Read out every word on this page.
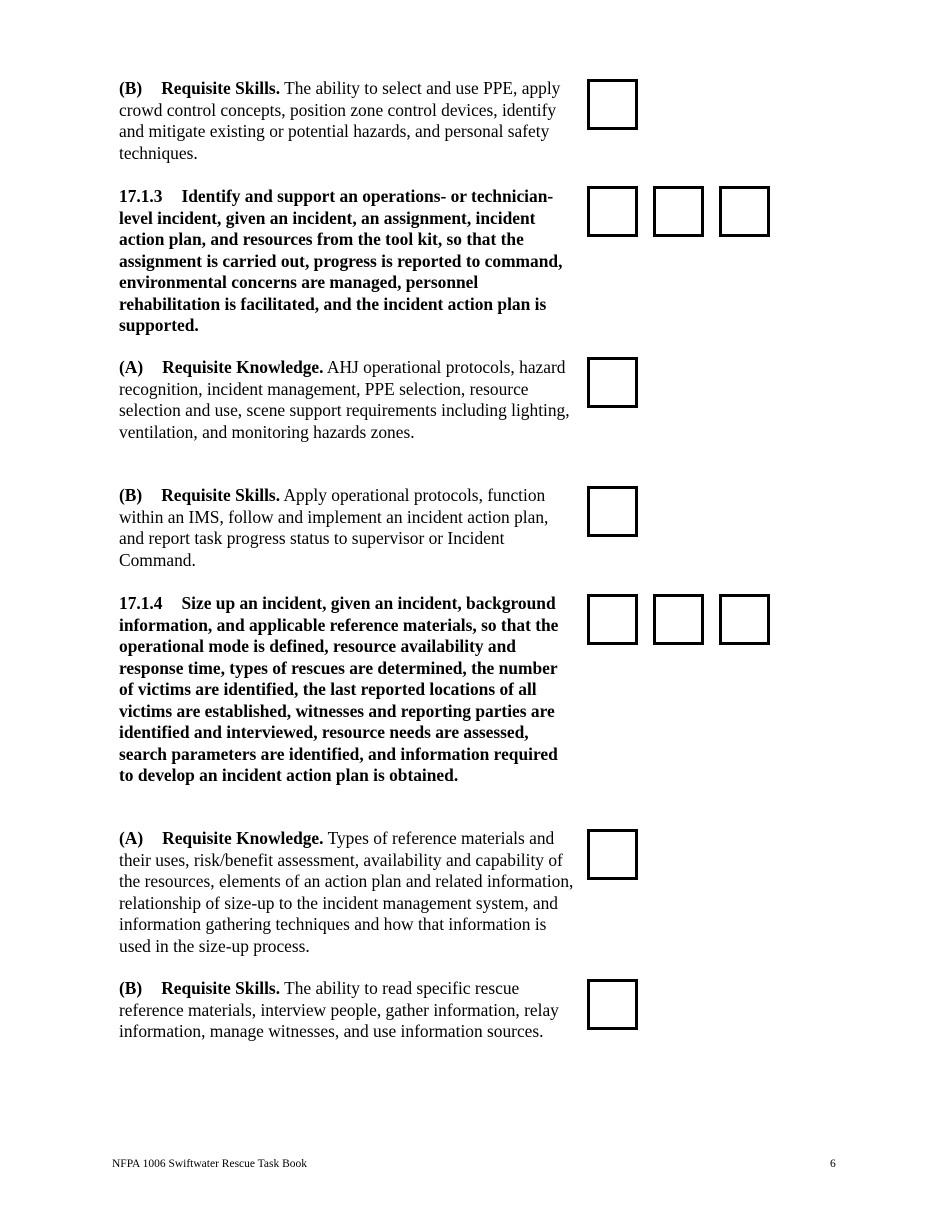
(B) Requisite Skills. The ability to select and use PPE, apply crowd control concepts, position zone control devices, identify and mitigate existing or potential hazards, and personal safety techniques.

17.1.3 Identify and support an operations- or technician-level incident, given an incident, an assignment, incident action plan, and resources from the tool kit, so that the assignment is carried out, progress is reported to command, environmental concerns are managed, personnel rehabilitation is facilitated, and the incident action plan is supported.

(A) Requisite Knowledge. AHJ operational protocols, hazard recognition, incident management, PPE selection, resource selection and use, scene support requirements including lighting, ventilation, and monitoring hazards zones.

(B) Requisite Skills. Apply operational protocols, function within an IMS, follow and implement an incident action plan, and report task progress status to supervisor or Incident Command.

17.1.4 Size up an incident, given an incident, background information, and applicable reference materials, so that the operational mode is defined, resource availability and response time, types of rescues are determined, the number of victims are identified, the last reported locations of all victims are established, witnesses and reporting parties are identified and interviewed, resource needs are assessed, search parameters are identified, and information required to develop an incident action plan is obtained.

(A) Requisite Knowledge. Types of reference materials and their uses, risk/benefit assessment, availability and capability of the resources, elements of an action plan and related information, relationship of size-up to the incident management system, and information gathering techniques and how that information is used in the size-up process.

(B) Requisite Skills. The ability to read specific rescue reference materials, interview people, gather information, relay information, manage witnesses, and use information sources.

NFPA 1006 Swiftwater Rescue Task Book	6
